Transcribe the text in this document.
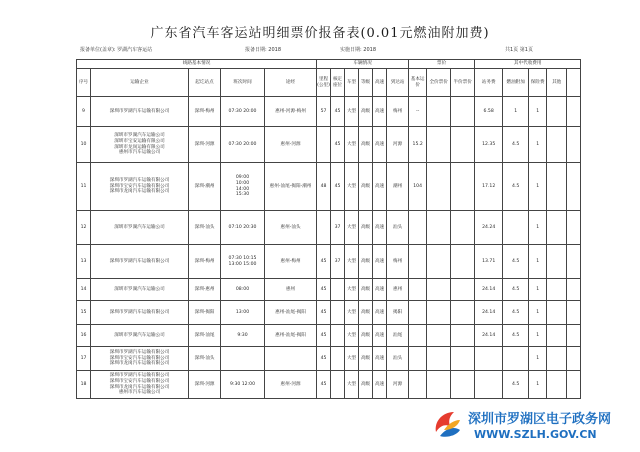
广东省汽车客运站明细票价报备表(0.01元燃油附加费)
报备单位(盖章): 罗湖汽车客运站	报备日期: 2018	实施日期: 2018	共1页 第1页
线路基本情况					车辆情况						票价			其中代收费用				
序号	运输企业	起讫站点	班次时间	途经	里程(公里)	核定座位	车型	等级	高速	到达站	基本运价	全价票价	半价票价	站务费	燃油附加	保险费	其他	

9	深圳市罗湖汽车运输有限公司	深圳-梅州	07:30 20:00	惠州-河源-梅州	57	45	大型	高级	高速	梅州	--			6.58	1	1		

10	深圳市罗湖汽车运输公司
深圳市宝安运输有限公司
深圳市龙岗运输有限公司
惠州市汽车运输公司	深圳-河源	07:30 20:00	惠州-河源		45	大型	高级	高速	河源	15.2			12.35	4.5	1		

11	深圳市罗湖汽车运输有限公司
深圳市宝安汽车运输有限公司
深圳市龙岗汽车运输有限公司	深圳-潮州	09:00
10:00
14:00
15:30	惠州-汕尾-揭阳-潮州	48	45	大型	高级	高速	潮州	104			17.12	4.5	1		

12	深圳市罗湖汽车运输公司	深圳-汕头	07:10 20:30	惠州-汕头		37	大型	高级	高速	汕头				24.24		1		

13	深圳市罗湖汽车运输有限公司	深圳-梅州	07:30 10:15
13:00 15:00	惠州-梅州	45	37	大型	高级	高速	梅州				13.71	4.5	1		

14	深圳市罗湖汽车运输公司	深圳-惠州	08:00	惠州	45		大型	高级	高速	惠州				24.14	4.5	1		

15	深圳市罗湖汽车运输有限公司	深圳-揭阳	13:00	惠州-汕尾-揭阳	45		大型	高级	高速	揭阳				24.14	4.5	1		

16	深圳市罗湖汽车运输公司	深圳-汕尾	9:30	惠州-汕尾-揭阳	45		大型	高级	高速	汕尾				24.14	4.5	1		

17	深圳市罗湖汽车运输有限公司
深圳市宝安汽车运输有限公司
深圳市龙岗汽车运输有限公司	深圳-汕头			45		大型	高级	高速	汕头						1		

18	深圳市罗湖汽车运输有限公司
深圳市宝安汽车运输有限公司
深圳市龙岗汽车运输有限公司
惠州市汽车运输公司	深圳-河源	9:30 12:00	惠州-河源	45		大型	高级	高速	河源					4.5	1		

深圳市罗湖区电子政务网
WWW.SZLH.GOV.CN
